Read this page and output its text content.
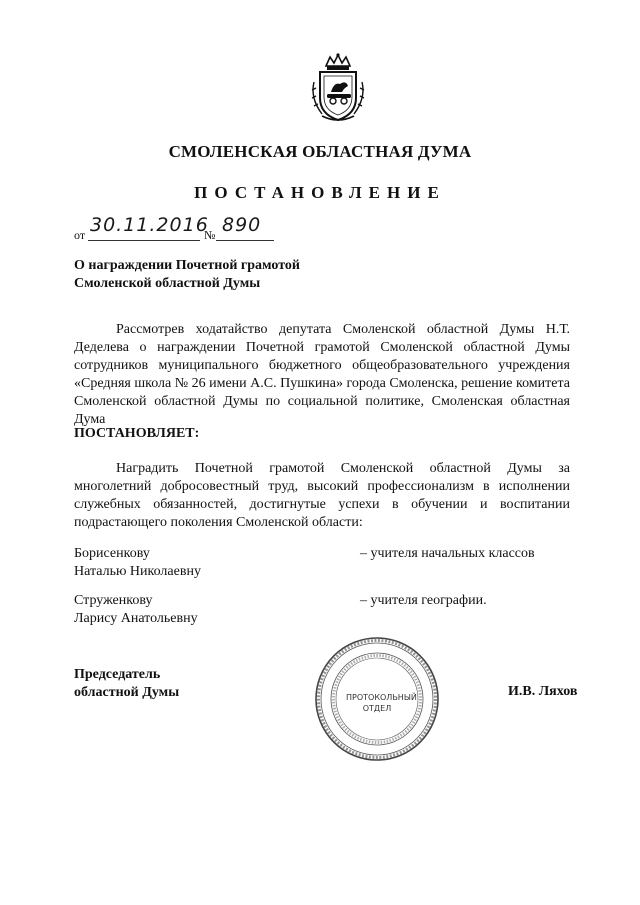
СМОЛЕНСКАЯ ОБЛАСТНАЯ ДУМА
ПОСТАНОВЛЕНИЕ
от 30.11.2016
№ 890
О награждении Почетной грамотой
Смоленской областной Думы
Рассмотрев ходатайство депутата Смоленской областной Думы Н.Т. Деделева о награждении Почетной грамотой Смоленской областной Думы сотрудников муниципального бюджетного общеобразовательного учреждения «Средняя школа № 26 имени А.С. Пушкина» города Смоленска, решение комитета Смоленской областной Думы по социальной политике, Смоленская областная Дума
ПОСТАНОВЛЯЕТ:
Наградить Почетной грамотой Смоленской областной Думы за многолетний добросовестный труд, высокий профессионализм в исполнении служебных обязанностей, достигнутые успехи в обучении и воспитании подрастающего поколения Смоленской области:
Борисенкову
Наталью Николаевну
– учителя начальных классов
Струженкову
Ларису Анатольевну
– учителя географии.
Председатель
областной Думы	ПРОТОКОЛЬНЫЙ
ОТДЕЛ
И.В. Ляхов
